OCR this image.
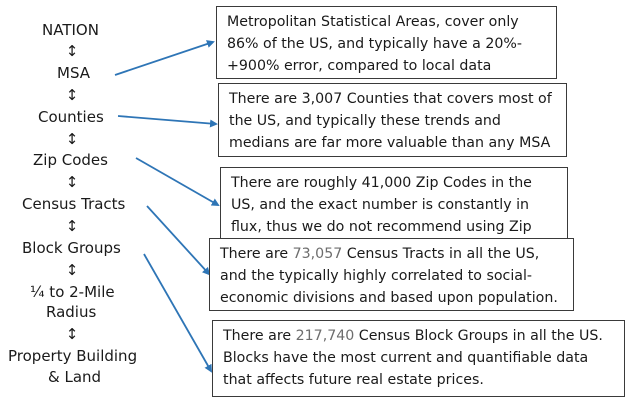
NATION
↕
MSA
↕
Counties
↕
Zip Codes
↕
Census Tracts
↕
Block Groups
↕
¼ to 2-Mile
Radius
↕
Property Building
& Land
Metropolitan Statistical Areas, cover only 86% of the US, and typically have a 20%-+900% error, compared to local data
There are 3,007 Counties that covers most of the US, and typically these trends and medians are far more valuable than any MSA
There are roughly 41,000 Zip Codes in the US, and the exact number is constantly in flux, thus we do not recommend using Zip
There are 73,057 Census Tracts in all the US, and the typically highly correlated to social-economic divisions and based upon population.
There are 217,740 Census Block Groups in all the US. Blocks have the most current and quantifiable data that affects future real estate prices.
